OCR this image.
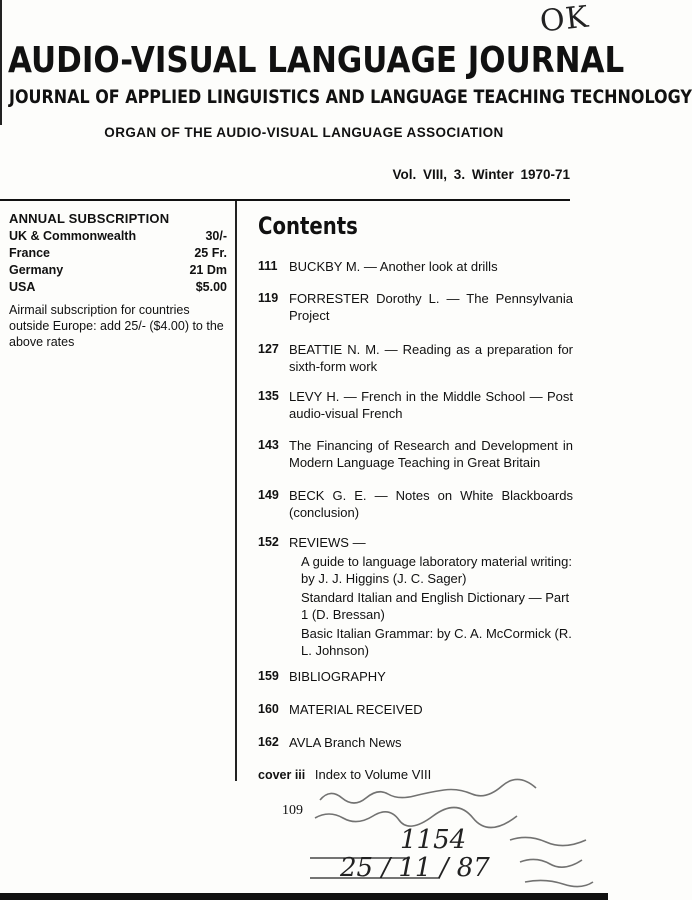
OK
AUDIO-VISUAL LANGUAGE JOURNAL
JOURNAL OF APPLIED LINGUISTICS AND LANGUAGE TEACHING TECHNOLOGY
ORGAN OF THE AUDIO-VISUAL LANGUAGE ASSOCIATION
Vol. VIII, 3. Winter 1970-71
ANNUAL SUBSCRIPTION
UK & Commonwealth	30/-
France	25 Fr.
Germany	21 Dm
USA	$5.00
Airmail subscription for countries outside Europe: add 25/- ($4.00) to the above rates
Contents
111 BUCKBY M. — Another look at drills
119 FORRESTER Dorothy L. — The Pennsylvania Project
127 BEATTIE N. M. — Reading as a preparation for sixth-form work
135 LEVY H. — French in the Middle School — Post audio-visual French
143 The Financing of Research and Development in Modern Language Teaching in Great Britain
149 BECK G. E. — Notes on White Blackboards (conclusion)
152 REVIEWS —
A guide to language laboratory material writing: by J. J. Higgins (J. C. Sager)
Standard Italian and English Dictionary — Part 1 (D. Bressan)
Basic Italian Grammar: by C. A. McCormick (R. L. Johnson)
159 BIBLIOGRAPHY
160 MATERIAL RECEIVED
162 AVLA Branch News
cover iii Index to Volume VIII
109
1154
25 / 11 / 87
